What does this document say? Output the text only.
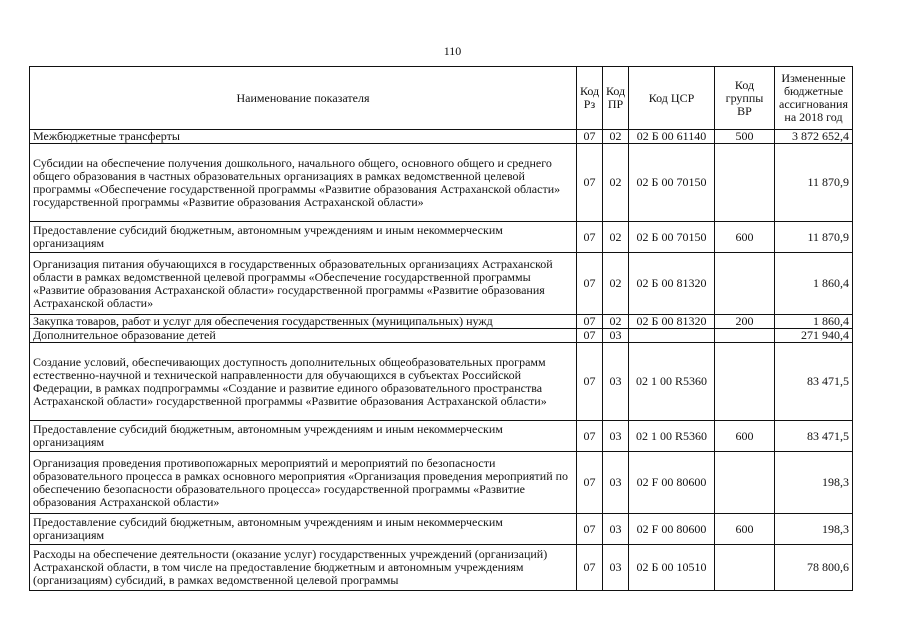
110
Наименование показателя	Код Рз	Код ПР	Код ЦСР	Код группы ВР	Измененные бюджетные ассигнования на 2018 год
Межбюджетные трансферты	07	02	02 Б 00 61140	500	3 872 652,4
Субсидии на обеспечение получения дошкольного, начального общего, основного общего и среднего общего образования в частных образовательных организациях в рамках ведомственной целевой программы «Обеспечение государственной программы «Развитие образования Астраханской области» государственной программы «Развитие образования Астраханской области»	07	02	02 Б 00 70150		11 870,9
Предоставление субсидий бюджетным, автономным учреждениям и иным некоммерческим организациям	07	02	02 Б 00 70150	600	11 870,9
Организация питания обучающихся в государственных образовательных организациях Астраханской области в рамках ведомственной целевой программы «Обеспечение государственной программы «Развитие образования Астраханской области» государственной программы «Развитие образования Астраханской области»	07	02	02 Б 00 81320		1 860,4
Закупка товаров, работ и услуг для обеспечения государственных (муниципальных) нужд	07	02	02 Б 00 81320	200	1 860,4
Дополнительное образование детей	07	03			271 940,4
Создание условий, обеспечивающих доступность дополнительных общеобразовательных программ естественно-научной и технической направленности для обучающихся в субъектах Российской Федерации, в рамках подпрограммы «Создание и развитие единого образовательного пространства Астраханской области» государственной программы «Развитие образования Астраханской области»	07	03	02 1 00 R5360		83 471,5
Предоставление субсидий бюджетным, автономным учреждениям и иным некоммерческим организациям	07	03	02 1 00 R5360	600	83 471,5
Организация проведения противопожарных мероприятий и мероприятий по безопасности образовательного процесса в рамках основного мероприятия «Организация проведения мероприятий по обеспечению безопасности образовательного процесса» государственной программы «Развитие образования Астраханской области»	07	03	02 F 00 80600		198,3
Предоставление субсидий бюджетным, автономным учреждениям и иным некоммерческим организациям	07	03	02 F 00 80600	600	198,3
Расходы на обеспечение деятельности (оказание услуг) государственных учреждений (организаций) Астраханской области, в том числе на предоставление бюджетным и автономным учреждениям (организациям) субсидий, в рамках ведомственной целевой программы	07	03	02 Б 00 10510		78 800,6
